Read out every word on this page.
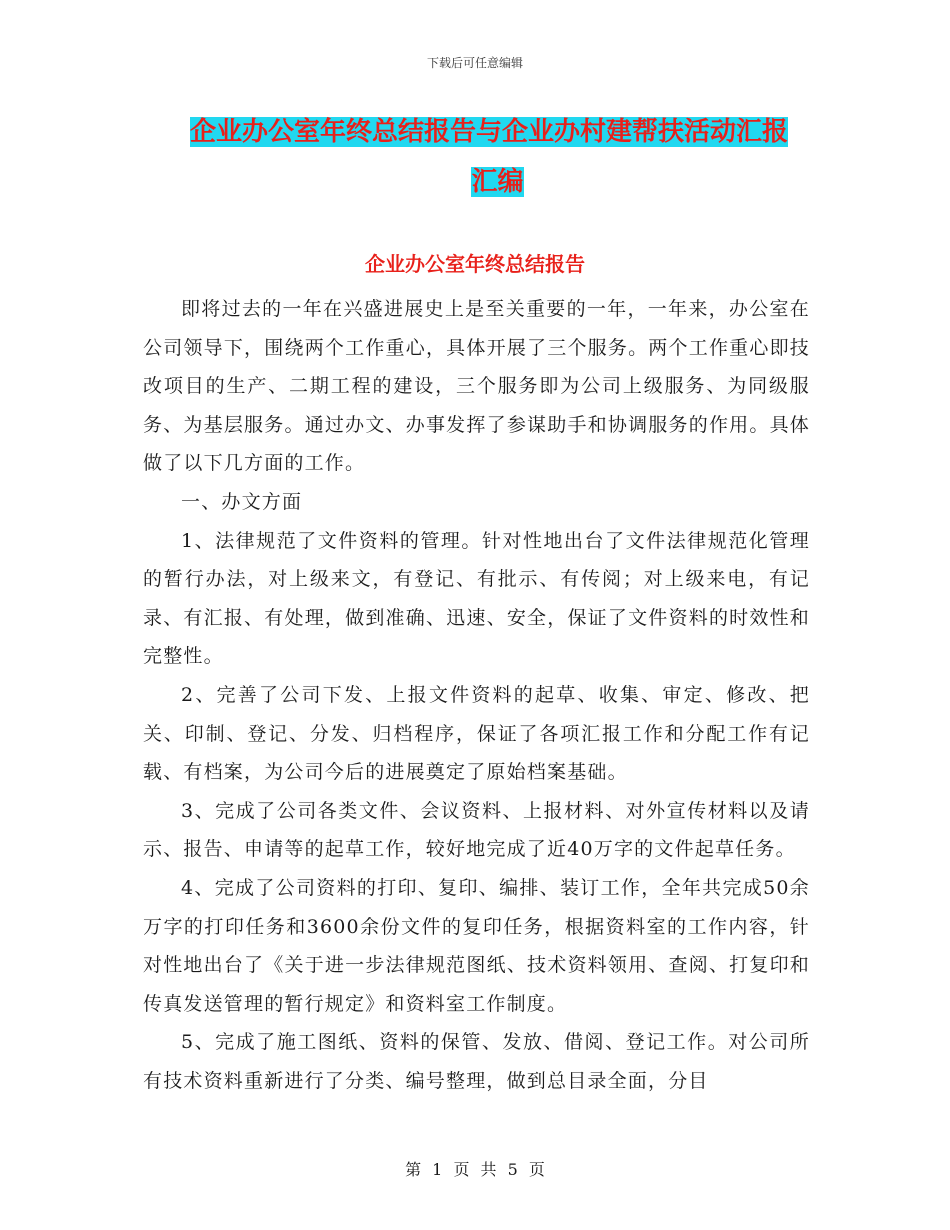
下载后可任意编辑
企业办公室年终总结报告与企业办村建帮扶活动汇报
汇编
企业办公室年终总结报告

即将过去的一年在兴盛进展史上是至关重要的一年，一年来，办公室在公司领导下，围绕两个工作重心，具体开展了三个服务。两个工作重心即技改项目的生产、二期工程的建设，三个服务即为公司上级服务、为同级服务、为基层服务。通过办文、办事发挥了参谋助手和协调服务的作用。具体做了以下几方面的工作。

一、办文方面

1、法律规范了文件资料的管理。针对性地出台了文件法律规范化管理的暂行办法，对上级来文，有登记、有批示、有传阅；对上级来电，有记录、有汇报、有处理，做到准确、迅速、安全，保证了文件资料的时效性和完整性。

2、完善了公司下发、上报文件资料的起草、收集、审定、修改、把关、印制、登记、分发、归档程序，保证了各项汇报工作和分配工作有记载、有档案，为公司今后的进展奠定了原始档案基础。

3、完成了公司各类文件、会议资料、上报材料、对外宣传材料以及请示、报告、申请等的起草工作，较好地完成了近40万字的文件起草任务。

4、完成了公司资料的打印、复印、编排、装订工作，全年共完成50余万字的打印任务和3600余份文件的复印任务，根据资料室的工作内容，针对性地出台了《关于进一步法律规范图纸、技术资料领用、查阅、打复印和传真发送管理的暂行规定》和资料室工作制度。

5、完成了施工图纸、资料的保管、发放、借阅、登记工作。对公司所有技术资料重新进行了分类、编号整理，做到总目录全面，分目

第 1 页 共 5 页
